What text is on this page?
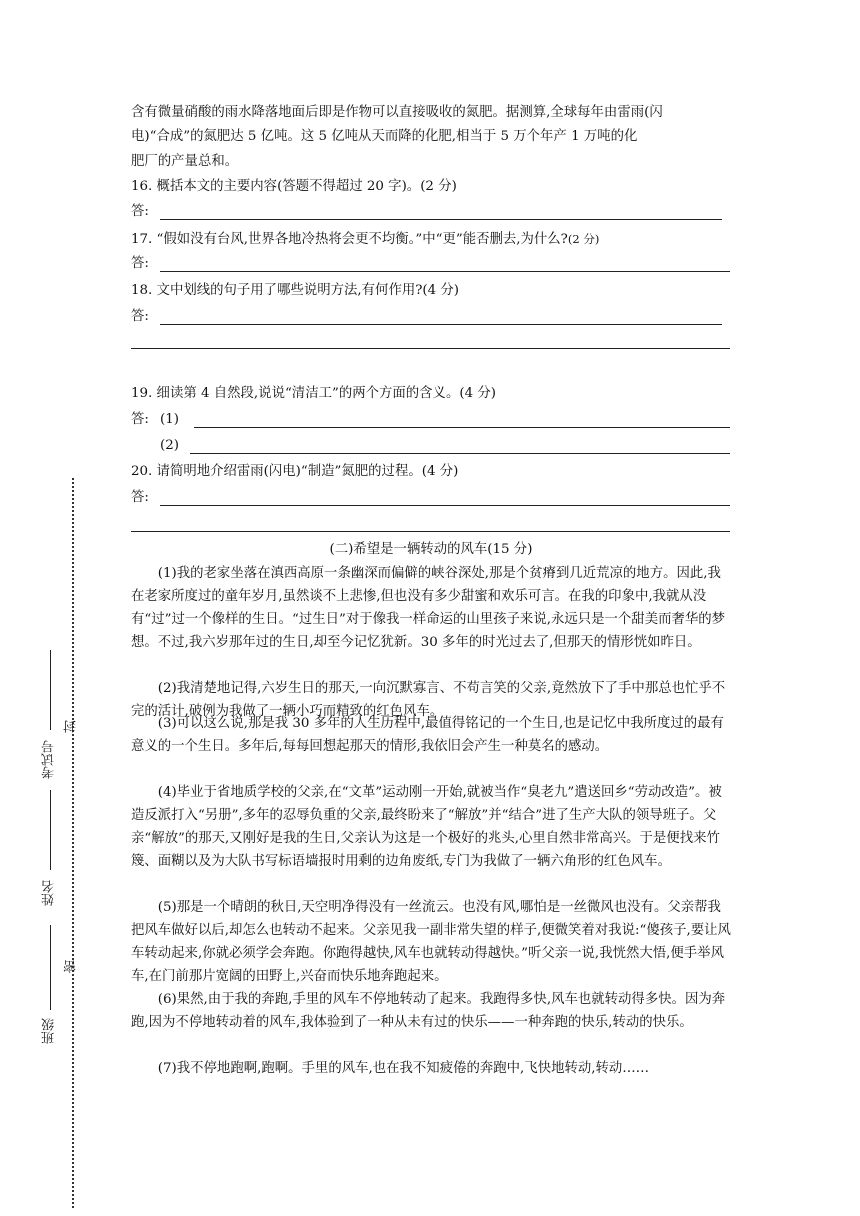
含有微量硝酸的雨水降落地面后即是作物可以直接吸收的氮肥。据测算,全球每年由雷雨(闪
电)“合成”的氮肥达 5 亿吨。这 5 亿吨从天而降的化肥,相当于 5 万个年产 1 万吨的化
肥厂的产量总和。
16. 概括本文的主要内容(答题不得超过 20 字)。(2 分)
答:
17. “假如没有台风,世界各地冷热将会更不均衡。”中“更”能否删去,为什么?(2 分)
答:
18. 文中划线的句子用了哪些说明方法,有何作用?(4 分)
答:
19. 细读第 4 自然段,说说“清洁工”的两个方面的含义。(4 分)
答: (1)
(2)
20. 请简明地介绍雷雨(闪电)“制造”氮肥的过程。(4 分)
答:
(二)希望是一辆转动的风车(15 分)
(1)我的老家坐落在滇西高原一条幽深而偏僻的峡谷深处,那是个贫瘠到几近荒凉的地方。因此,我在老家所度过的童年岁月,虽然谈不上悲惨,但也没有多少甜蜜和欢乐可言。在我的印象中,我就从没有“过”过一个像样的生日。“过生日”对于像我一样命运的山里孩子来说,永远只是一个甜美而奢华的梦想。不过,我六岁那年过的生日,却至今记忆犹新。30 多年的时光过去了,但那天的情形恍如昨日。
(2)我清楚地记得,六岁生日的那天,一向沉默寡言、不苟言笑的父亲,竟然放下了手中那总也忙乎不完的活计,破例为我做了一辆小巧而精致的红色风车。
(3)可以这么说,那是我 30 多年的人生历程中,最值得铭记的一个生日,也是记忆中我所度过的最有意义的一个生日。多年后,每每回想起那天的情形,我依旧会产生一种莫名的感动。
(4)毕业于省地质学校的父亲,在“文革”运动刚一开始,就被当作“臭老九”遣送回乡“劳动改造”。被造反派打入“另册”,多年的忍辱负重的父亲,最终盼来了“解放”并“结合”进了生产大队的领导班子。父亲“解放”的那天,又刚好是我的生日,父亲认为这是一个极好的兆头,心里自然非常高兴。于是便找来竹篾、面糊以及为大队书写标语墙报时用剩的边角废纸,专门为我做了一辆六角形的红色风车。
(5)那是一个晴朗的秋日,天空明净得没有一丝流云。也没有风,哪怕是一丝微风也没有。父亲帮我把风车做好以后,却怎么也转动不起来。父亲见我一副非常失望的样子,便微笑着对我说:“傻孩子,要让风车转动起来,你就必须学会奔跑。你跑得越快,风车也就转动得越快。”听父亲一说,我恍然大悟,便手举风车,在门前那片宽阔的田野上,兴奋而快乐地奔跑起来。
(6)果然,由于我的奔跑,手里的风车不停地转动了起来。我跑得多快,风车也就转动得多快。因为奔跑,因为不停地转动着的风车,我体验到了一种从未有过的快乐——一种奔跑的快乐,转动的快乐。
(7)我不停地跑啊,跑啊。手里的风车,也在我不知疲倦的奔跑中,飞快地转动,转动……
考试号
封
姓名
班级
密
